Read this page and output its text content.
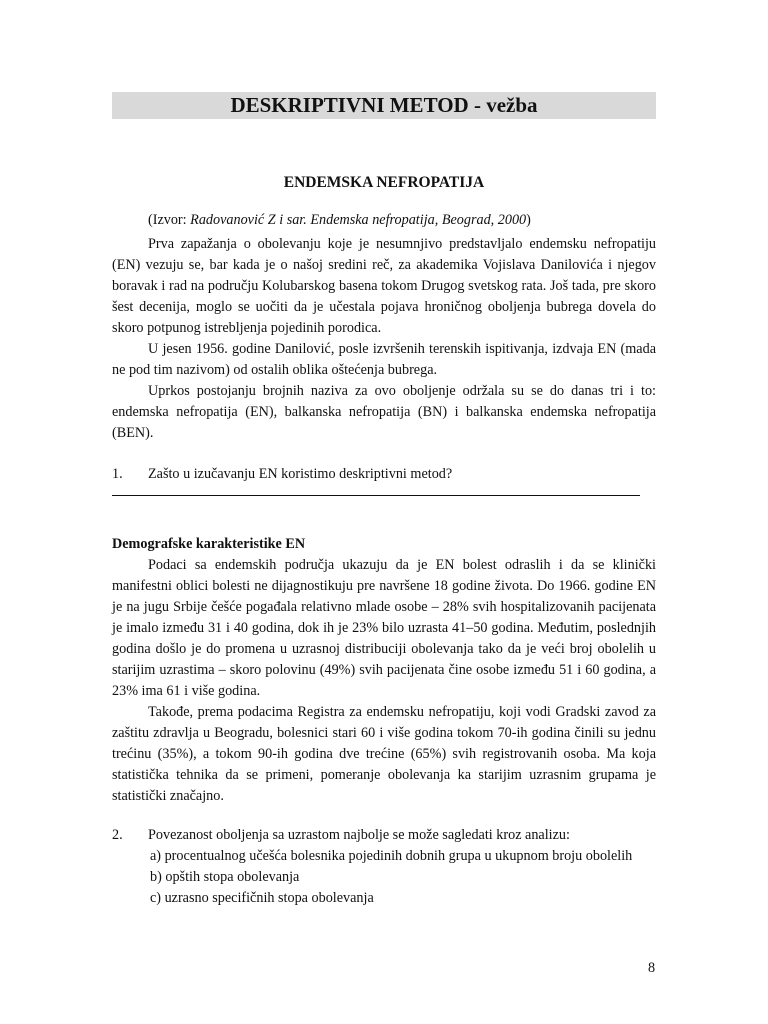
DESKRIPTIVNI METOD - vežba
ENDEMSKA NEFROPATIJA
(Izvor: Radovanović Z i sar. Endemska nefropatija, Beograd, 2000)

Prva zapažanja o obolevanju koje je nesumnjivo predstavljalo endemsku nefropatiju (EN) vezuju se, bar kada je o našoj sredini reč, za akademika Vojislava Danilovića i njegov boravak i rad na području Kolubarskog basena tokom Drugog svetskog rata. Još tada, pre skoro šest decenija, moglo se uočiti da je učestala pojava hroničnog oboljenja bubrega dovela do skoro potpunog istrebljenja pojedinih porodica.

U jesen 1956. godine Danilović, posle izvršenih terenskih ispitivanja, izdvaja EN (mada ne pod tim nazivom) od ostalih oblika oštećenja bubrega.

Uprkos postojanju brojnih naziva za ovo oboljenje održala su se do danas tri i to: endemska nefropatija (EN), balkanska nefropatija (BN) i balkanska endemska nefropatija (BEN).

1.	Zašto u izučavanju EN koristimo deskriptivni metod?
Demografske karakteristike EN

Podaci sa endemskih područja ukazuju da je EN bolest odraslih i da se klinički manifestni oblici bolesti ne dijagnostikuju pre navršene 18 godine života. Do 1966. godine EN je na jugu Srbije češće pogađala relativno mlade osobe – 28% svih hospitalizovanih pacijenata je imalo između 31 i 40 godina, dok ih je 23% bilo uzrasta 41–50 godina. Međutim, poslednjih godina došlo je do promena u uzrasnoj distribuciji obolevanja tako da je veći broj obolelih u starijim uzrastima – skoro polovinu (49%) svih pacijenata čine osobe između 51 i 60 godina, a 23% ima 61 i više godina.

Takođe, prema podacima Registra za endemsku nefropatiju, koji vodi Gradski zavod za zaštitu zdravlja u Beogradu, bolesnici stari 60 i više godina tokom 70-ih godina činili su jednu trećinu (35%), a tokom 90-ih godina dve trećine (65%) svih registrovanih osoba. Ma koja statistička tehnika da se primeni, pomeranje obolevanja ka starijim uzrasnim grupama je statistički značajno.

2.	Povezanost oboljenja sa uzrastom najbolje se može sagledati kroz analizu:
a) procentualnog učešća bolesnika pojedinih dobnih grupa u ukupnom broju obolelih
b) opštih stopa obolevanja
c) uzrasno specifičnih stopa obolevanja
8
